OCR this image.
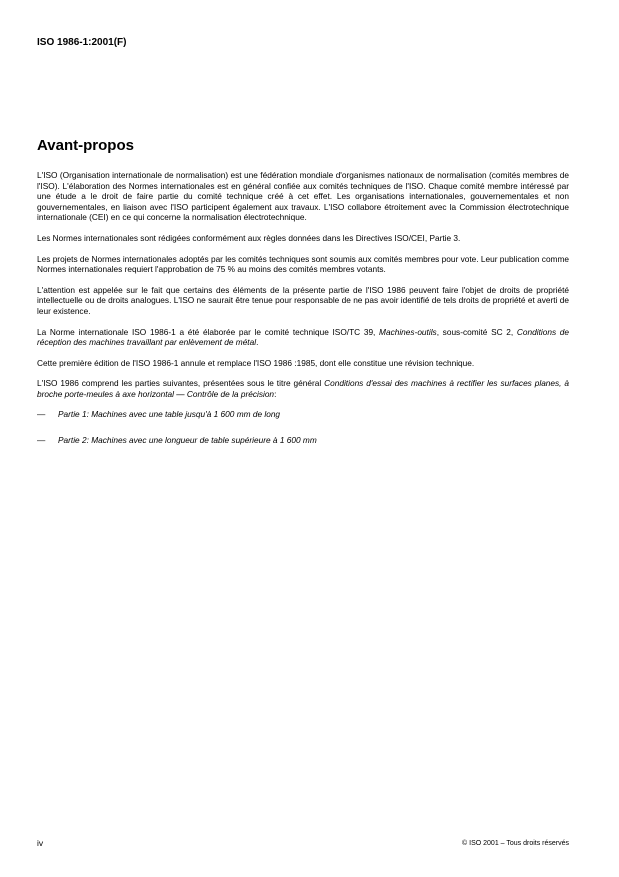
ISO 1986-1:2001(F)
Avant-propos

L'ISO (Organisation internationale de normalisation) est une fédération mondiale d'organismes nationaux de normalisation (comités membres de l'ISO). L'élaboration des Normes internationales est en général confiée aux comités techniques de l'ISO. Chaque comité membre intéressé par une étude a le droit de faire partie du comité technique créé à cet effet. Les organisations internationales, gouvernementales et non gouvernementales, en liaison avec l'ISO participent également aux travaux. L'ISO collabore étroitement avec la Commission électrotechnique internationale (CEI) en ce qui concerne la normalisation électrotechnique.

Les Normes internationales sont rédigées conformément aux règles données dans les Directives ISO/CEI, Partie 3.

Les projets de Normes internationales adoptés par les comités techniques sont soumis aux comités membres pour vote. Leur publication comme Normes internationales requiert l'approbation de 75 % au moins des comités membres votants.

L'attention est appelée sur le fait que certains des éléments de la présente partie de l'ISO 1986 peuvent faire l'objet de droits de propriété intellectuelle ou de droits analogues. L'ISO ne saurait être tenue pour responsable de ne pas avoir identifié de tels droits de propriété et averti de leur existence.

La Norme internationale ISO 1986-1 a été élaborée par le comité technique ISO/TC 39, Machines-outils, sous-comité SC 2, Conditions de réception des machines travaillant par enlèvement de métal.

Cette première édition de l'ISO 1986-1 annule et remplace l'ISO 1986 :1985, dont elle constitue une révision technique.

L'ISO 1986 comprend les parties suivantes, présentées sous le titre général Conditions d'essai des machines à rectifier les surfaces planes, à broche porte-meules à axe horizontal — Contrôle de la précision:

—	Partie 1: Machines avec une table jusqu'à 1 600 mm de long
—	Partie 2: Machines avec une longueur de table supérieure à 1 600 mm
iv	© ISO 2001 – Tous droits réservés
